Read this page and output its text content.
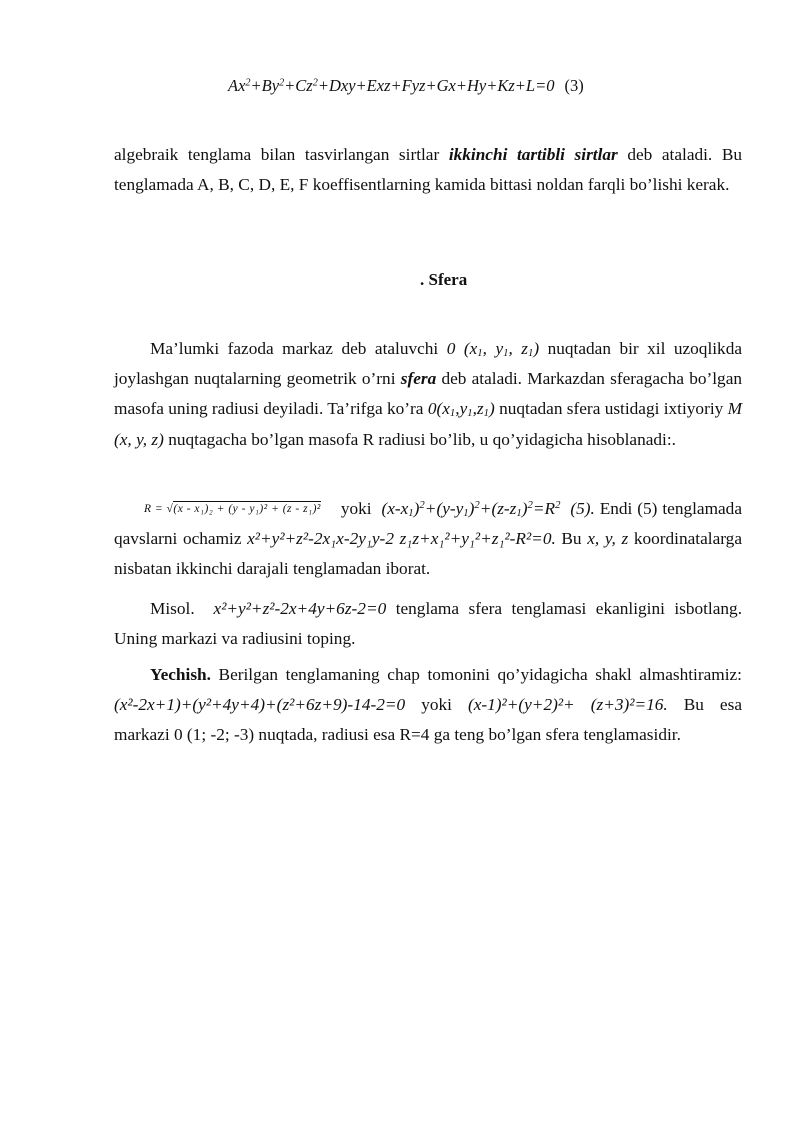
$Ax^2+By^2+Cz^2+Dxy+Exz+Fyz+Gx+Hy+Kz+L=0$ (3)

algebraik tenglama bilan tasvirlangan sirtlar ikkinchi tartibli sirtlar deb ataladi. Bu tenglamada A, B, C, D, E, F koeffisentlarning kamida bittasi noldan farqli bo’lishi kerak.

. Sfera

Ma’lumki fazoda markaz deb ataluvchi 0 ($x_1$, $y_1$, $z_1$) nuqtadan bir xil uzoqlikda joylashgan nuqtalarning geometrik o’rni sfera deb ataladi. Markazdan sferagacha bo’lgan masofa uning radiusi deyiladi. Ta’rifga ko’ra $0(x_1,y_1,z_1)$ nuqtadan sfera ustidagi ixtiyoriy M (x, y, z) nuqtagacha bo’lgan masofa R radiusi bo’lib, u qo’yidagicha hisoblanadi:.

R = √(x - x₁)₂ + (y - y₁)² + (z - z₁)² yoki $(x-x_1)^2+(y-y_1)^2+(z-z_1)^2=R^2$ (5). Endi (5) tenglamada qavslarni ochamiz x²+y²+z²-2x₁x-2y₁y-2 z₁z+x₁²+y₁²+z₁²-R²=0. Bu x, y, z koordinatalarga nisbatan ikkinchi darajali tenglamadan iborat.

Misol. x²+y²+z²-2x+4y+6z-2=0 tenglama sfera tenglamasi ekanligini isbotlang. Uning markazi va radiusini toping.

Yechish. Berilgan tenglamaning chap tomonini qo’yidagicha shakl almashtiramiz: (x²-2x+1)+(y²+4y+4)+(z²+6z+9)-14-2=0 yoki (x-1)²+(y+2)²+ (z+3)²=16. Bu esa markazi 0 (1; -2; -3) nuqtada, radiusi esa R=4 ga teng bo’lgan sfera tenglamasidir.
